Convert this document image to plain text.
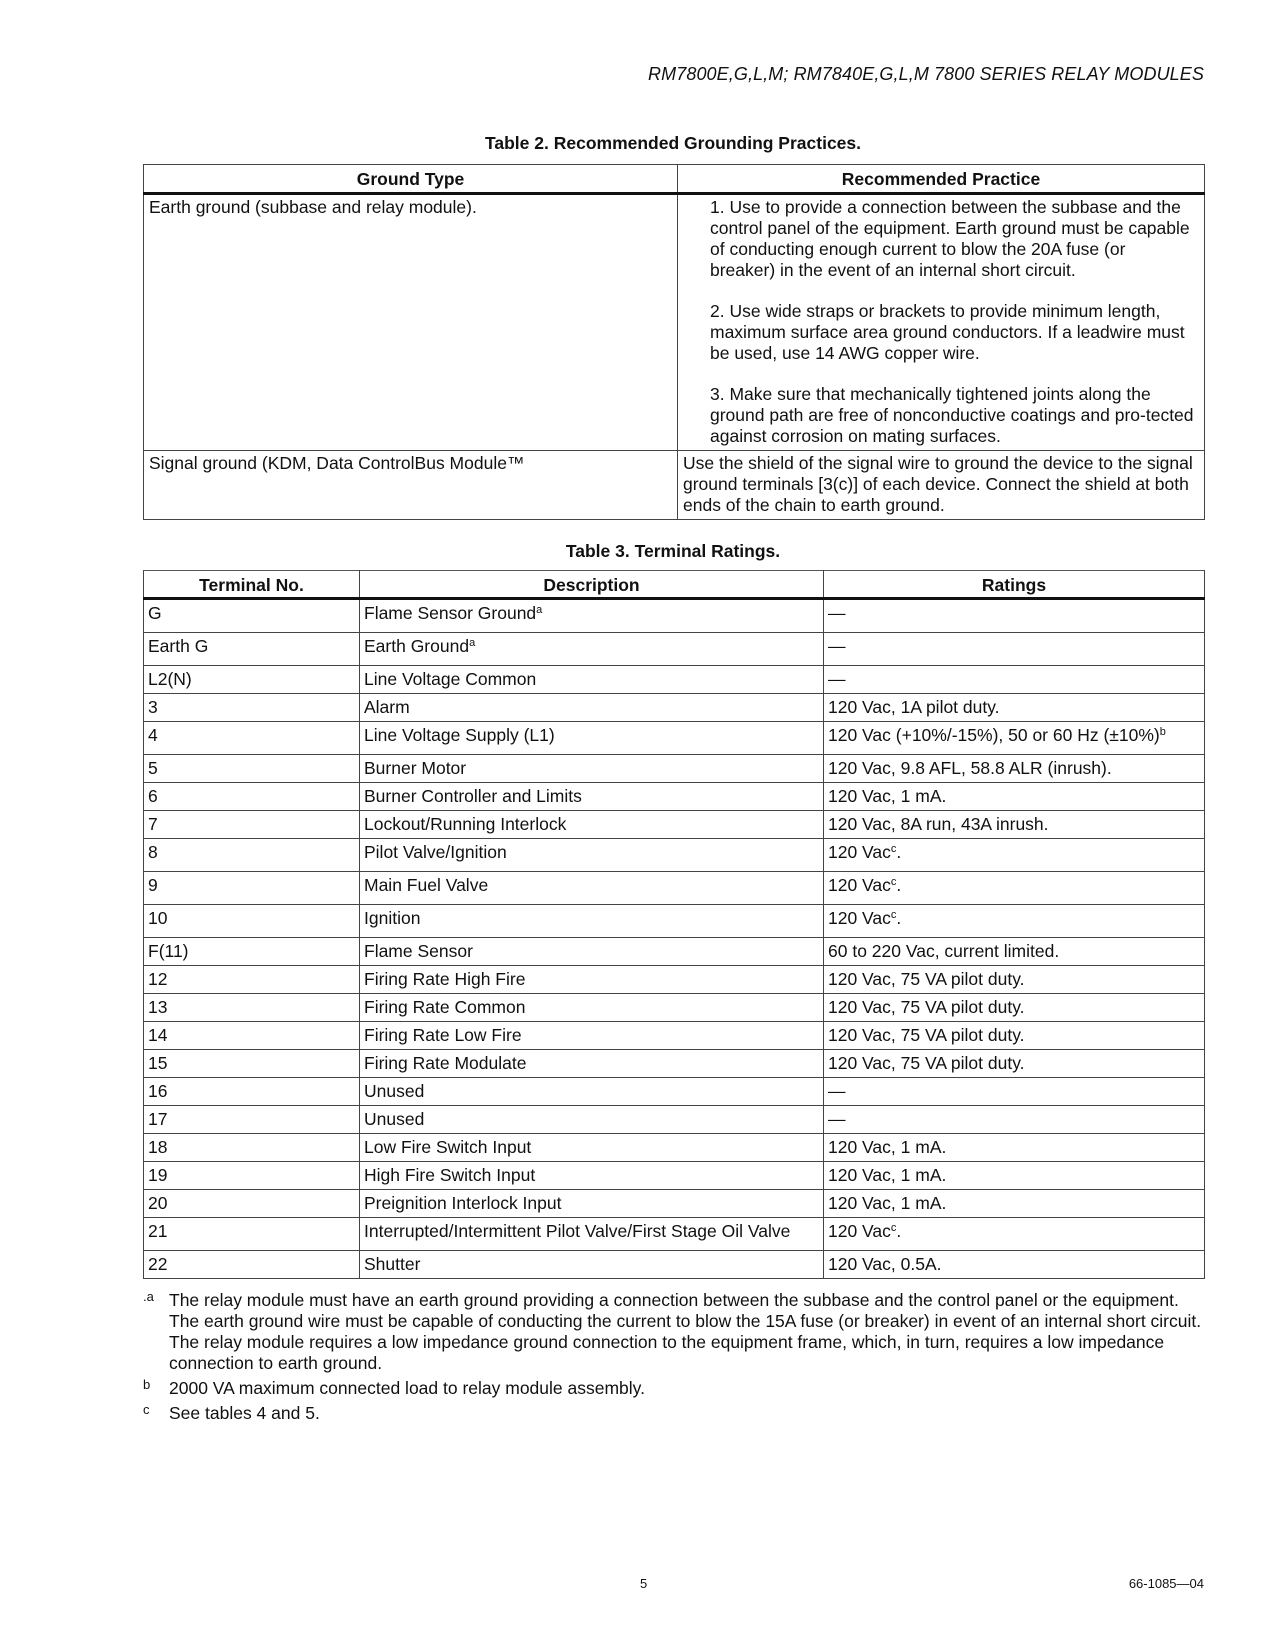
RM7800E,G,L,M; RM7840E,G,L,M 7800 SERIES RELAY MODULES
Table 2. Recommended Grounding Practices.
Ground Type	Recommended Practice
Earth ground (subbase and relay module).	1. Use to provide a connection between the subbase and the control panel of the equipment. Earth ground must be capable of conducting enough current to blow the 20A fuse (or breaker) in the event of an internal short circuit.
2. Use wide straps or brackets to provide minimum length, maximum surface area ground conductors. If a leadwire must be used, use 14 AWG copper wire.
3. Make sure that mechanically tightened joints along the ground path are free of nonconductive coatings and pro-tected against corrosion on mating surfaces.

Signal ground (KDM, Data ControlBus Module™	Use the shield of the signal wire to ground the device to the signal ground terminals [3(c)] of each device. Connect the shield at both ends of the chain to earth ground.
Table 3. Terminal Ratings.
Terminal No.	Description	Ratings
G	Flame Sensor Ground$^a$	—
Earth G	Earth Ground$^a$	—
L2(N)	Line Voltage Common	—
3	Alarm	120 Vac, 1A pilot duty.
4	Line Voltage Supply (L1)	120 Vac (+10%/-15%), 50 or 60 Hz $(\pm 10\%)^b$
5	Burner Motor	120 Vac, 9.8 AFL, 58.8 ALR (inrush).
6	Burner Controller and Limits	120 Vac, 1 mA.
7	Lockout/Running Interlock	120 Vac, 8A run, 43A inrush.
8	Pilot Valve/Ignition	120 Vac$^c$.
9	Main Fuel Valve	120 Vac$^c$.
10	Ignition	120 Vac$^c$.
F(11)	Flame Sensor	60 to 220 Vac, current limited.
12	Firing Rate High Fire	120 Vac, 75 VA pilot duty.
13	Firing Rate Common	120 Vac, 75 VA pilot duty.
14	Firing Rate Low Fire	120 Vac, 75 VA pilot duty.
15	Firing Rate Modulate	120 Vac, 75 VA pilot duty.
16	Unused	—
17	Unused	—
18	Low Fire Switch Input	120 Vac, 1 mA.
19	High Fire Switch Input	120 Vac, 1 mA.
20	Preignition Interlock Input	120 Vac, 1 mA.
21	Interrupted/Intermittent Pilot Valve/First Stage Oil Valve	120 Vac$^c$.
22	Shutter	120 Vac, 0.5A.
.a The relay module must have an earth ground providing a connection between the subbase and the control panel or the equipment. The earth ground wire must be capable of conducting the current to blow the 15A fuse (or breaker) in event of an internal short circuit. The relay module requires a low impedance ground connection to the equipment frame, which, in turn, requires a low impedance connection to earth ground.
b	2000 VA maximum connected load to relay module assembly.
c	See tables 4 and 5.
5	66-1085—04
